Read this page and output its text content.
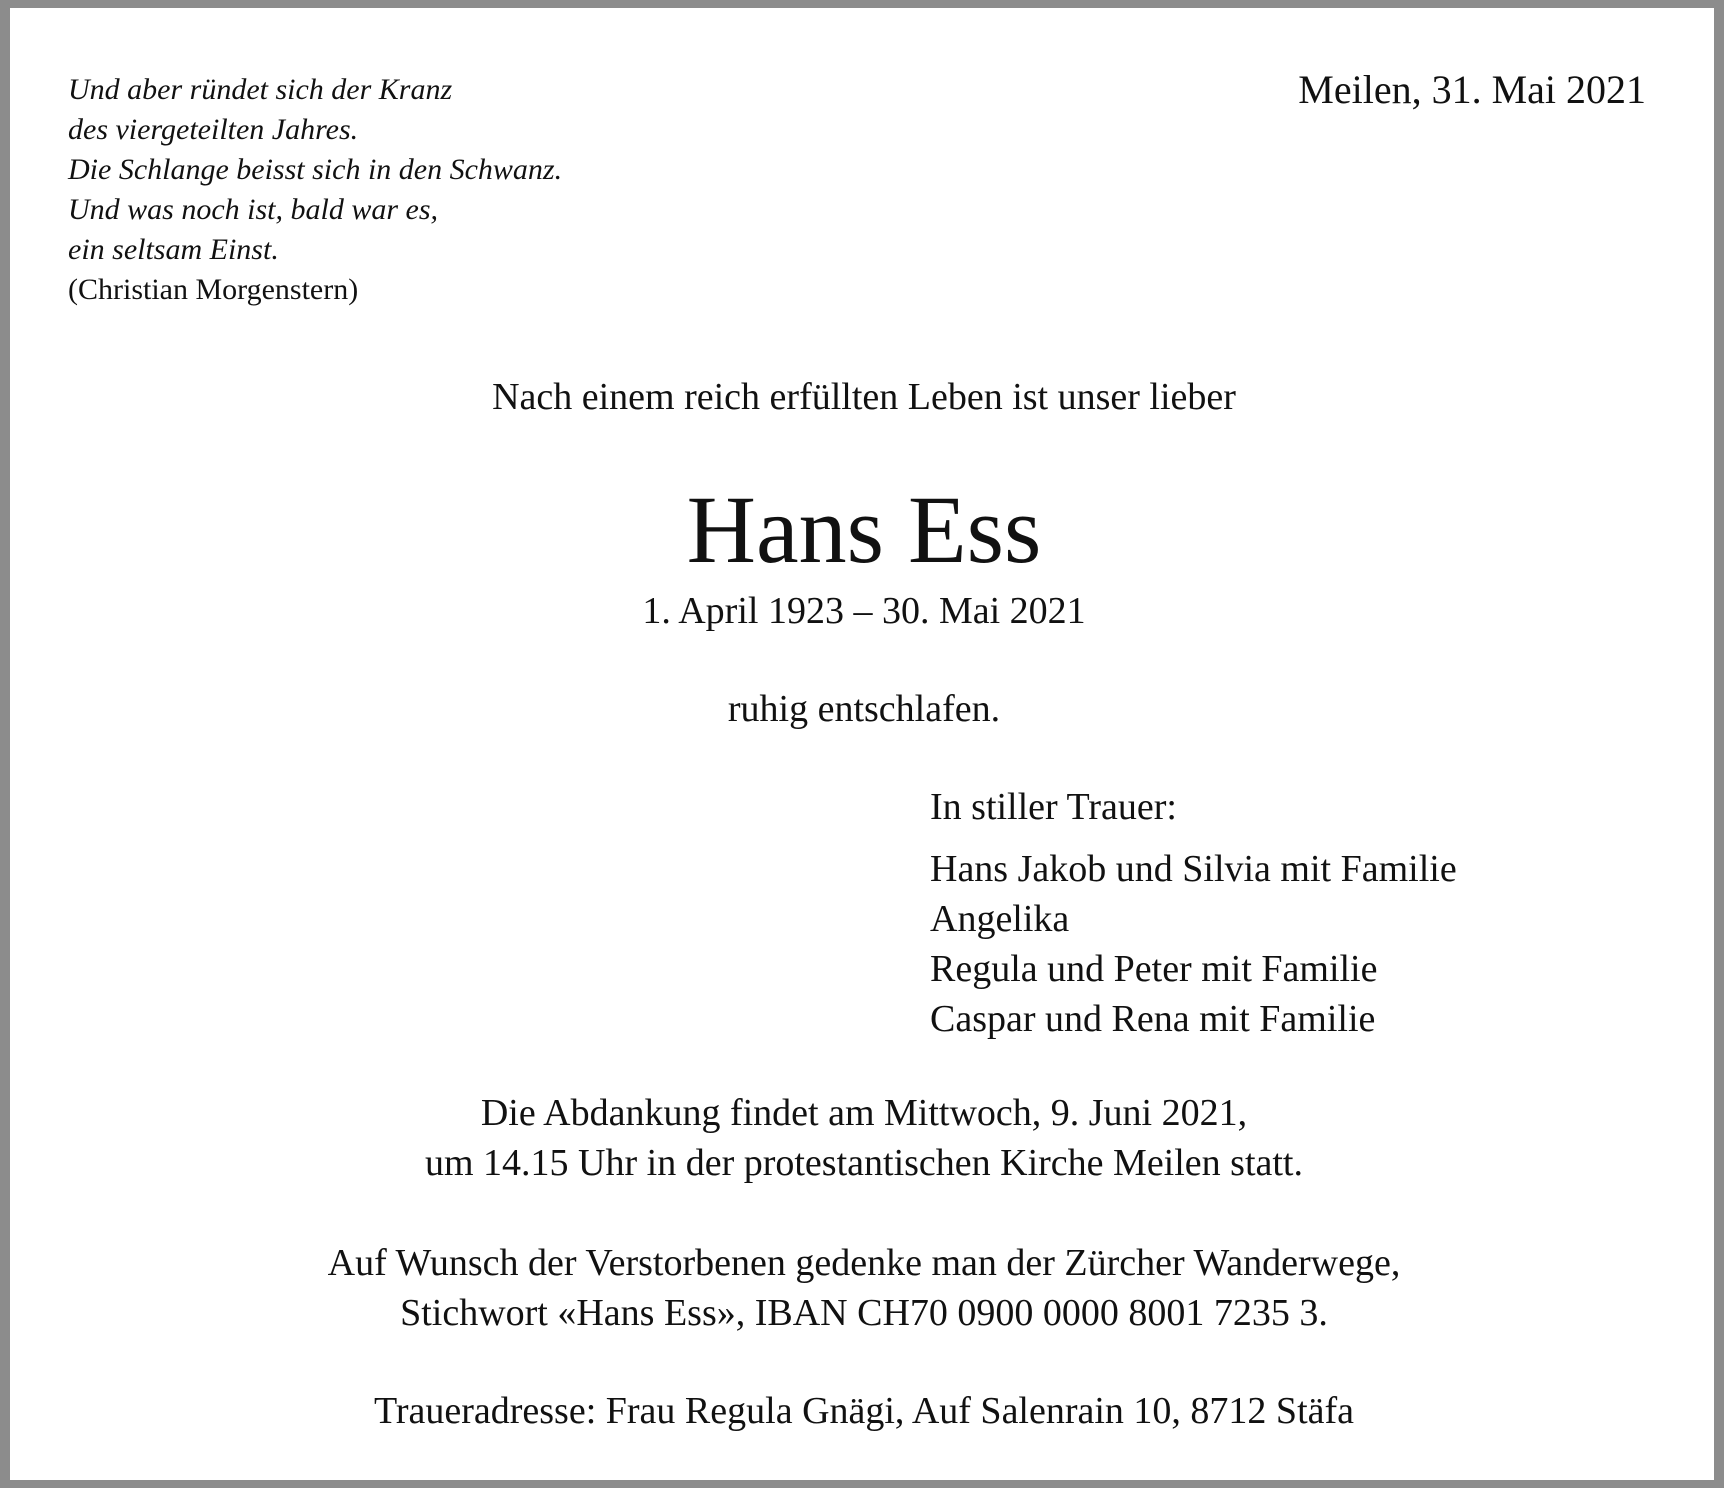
Und aber ründet sich der Kranz
des viergeteilten Jahres.
Die Schlange beisst sich in den Schwanz.
Und was noch ist, bald war es,
ein seltsam Einst.
(Christian Morgenstern)
Meilen, 31. Mai 2021
Nach einem reich erfüllten Leben ist unser lieber
Hans Ess
1. April 1923 – 30. Mai 2021
ruhig entschlafen.
In stiller Trauer:
Hans Jakob und Silvia mit Familie
Angelika
Regula und Peter mit Familie
Caspar und Rena mit Familie
Die Abdankung findet am Mittwoch, 9. Juni 2021,
um 14.15 Uhr in der protestantischen Kirche Meilen statt.
Auf Wunsch der Verstorbenen gedenke man der Zürcher Wanderwege,
Stichwort «Hans Ess», IBAN CH70 0900 0000 8001 7235 3.
Traueradresse: Frau Regula Gnägi, Auf Salenrain 10, 8712 Stäfa
